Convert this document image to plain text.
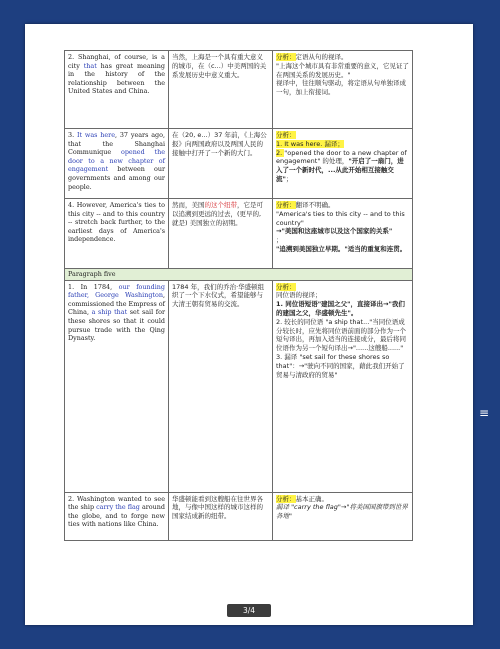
≡
2. Shanghai, of course, is a city that has great meaning in the history of the relationship between the United States and China.	当然，上海是一个具有重大意义的城市，在（c...）中美两国的关系发展历史中意义重大。	分析：定语从句的视译。
"上海这个城市具有非常重要的意义，它见证了在两国关系的发展历史。"
视译中，往往顺句驱动，将定语从句单独译成一句，加上衔接词。

3. It was here, 37 years ago, that the Shanghai Communique opened the door to a new chapter of engagement between our governments and among our people.	在（20, e...）37 年前，《上海公报》向两国政府以及两国人民的接触中打开了一个新的大门。	分析：
1. It was here. 漏译；
2. "opened the door to a new chapter of engagement" 的处理，"开启了一扇门，进入了一个新时代，...从此开始相互接触交流"；
4. However, America's ties to this city -- and to this country -- stretch back further, to the earliest days of America's independence.	然而，美国的这个纽带，它是可以追溯到更远的过去，(更早的, 就是) 美国独立的初期。	分析：翻译不明确。
"America's ties to this city -- and to this country"
→"美国和这座城市以及这个国家的关系"
；
"追溯到美国独立早期。"适当的重复和连贯。

Paragraph five		
1. In 1784, our founding father, George Washington, commissioned the Empress of China, a ship that set sail for these shores so that it could pursue trade with the Qing Dynasty.	1784 年，我们的乔治·华盛顿组织了一个下水仪式，希望能够与大清王朝有贸易的交流。	分析：
同位语的视译；
1. 同位语短语"建国之父"，直接译出→"我们的建国之父，华盛顿先生"。
2. 较长的同位语 "a ship that..."当同位语成分较长时，应先将同位语前面的部分作为一个短句译出，再加入适当的连接成分，最后将同位语作为另一个短句译出→"......这艘船......"
3. 漏译 "set sail for these shores so that"：→"驶向不同的国家，藉此我们开始了贸易与清政府的贸易"

2. Washington wanted to see the ship carry the flag around the globe, and to forge new ties with nations like China.	华盛顿能看到这艘船在往世界各地，与像中国这样的城市这样的国家结成新的纽带。	分析：基本正确。
漏译 "carry the flag"→"将美国国旗带到世界各地"
3/4
